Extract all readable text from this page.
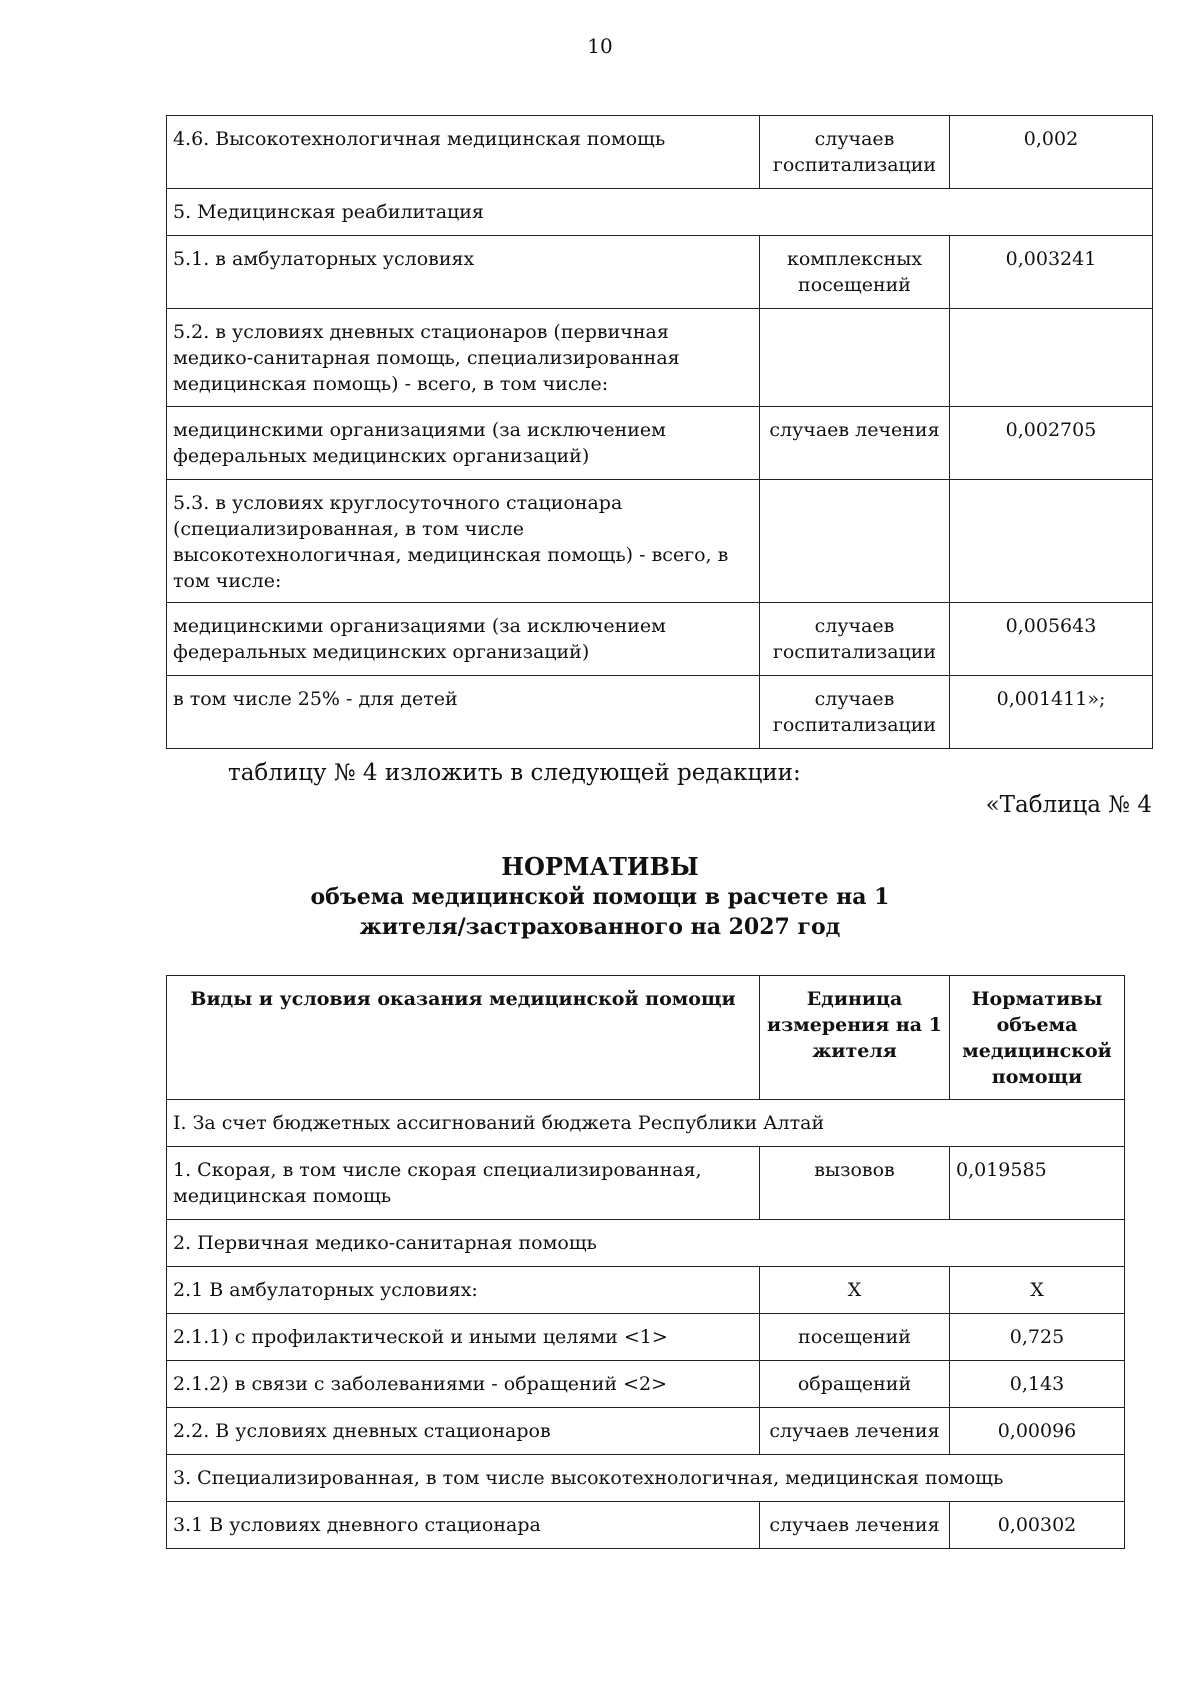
10
4.6. Высокотехнологичная медицинская помощь	случаев госпитализации	0,002
5. Медицинская реабилитация		
5.1. в амбулаторных условиях	комплексных посещений	0,003241
5.2. в условиях дневных стационаров (первичная медико-санитарная помощь, специализированная медицинская помощь) - всего, в том числе:		
медицинскими организациями (за исключением федеральных медицинских организаций)	случаев лечения	0,002705
5.3. в условиях круглосуточного стационара (специализированная, в том числе высокотехнологичная, медицинская помощь) - всего, в том числе:		
медицинскими организациями (за исключением федеральных медицинских организаций)	случаев госпитализации	0,005643
в том числе 25% - для детей	случаев госпитализации	0,001411»;
таблицу № 4 изложить в следующей редакции:
«Таблица № 4
НОРМАТИВЫ
объема медицинской помощи в расчете на 1
жителя/застрахованного на 2027 год
Виды и условия оказания медицинской помощи	Единица измерения на 1 жителя	Нормативы объема медицинской помощи
I. За счет бюджетных ассигнований бюджета Республики Алтай		
1. Скорая, в том числе скорая специализированная, медицинская помощь	вызовов	0,019585
2. Первичная медико-санитарная помощь		
2.1 В амбулаторных условиях:	Х	Х
2.1.1) с профилактической и иными целями <1>	посещений	0,725
2.1.2) в связи с заболеваниями - обращений <2>	обращений	0,143
2.2. В условиях дневных стационаров	случаев лечения	0,00096
3. Специализированная, в том числе высокотехнологичная, медицинская помощь		
3.1 В условиях дневного стационара	случаев лечения	0,00302
